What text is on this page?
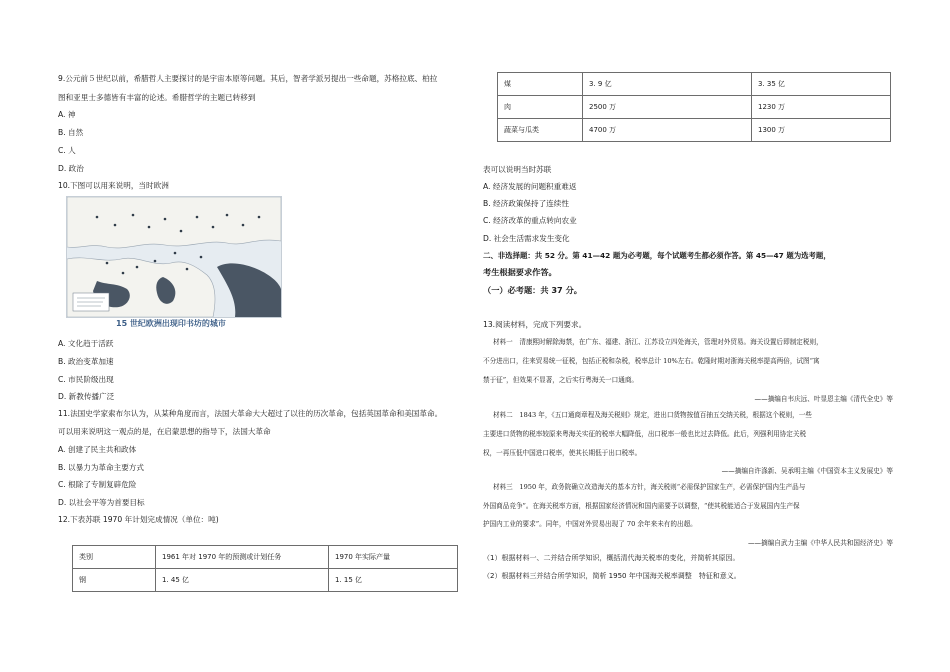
9.公元前５世纪以前，希腊哲人主要探讨的是宇宙本原等问题。其后，智者学派另提出一些命题，苏格拉底、柏拉
图和亚里士多德皆有丰富的论述。希腊哲学的主题已转移到
A. 神
B. 自然
C. 人
D. 政治
10.下图可以用来说明，当时欧洲
15 世纪欧洲出现印书坊的城市
A. 文化趋于活跃
B. 政治变革加速
C. 市民阶级出现
D. 新教传播广泛
11.法国史学家索布尔认为，从某种角度而言，法国大革命大大超过了以往的历次革命，包括英国革命和美国革命。
可以用来说明这一观点的是，在启蒙思想的指导下，法国大革命
A. 创建了民主共和政体
B. 以暴力为革命主要方式
C. 根除了专制复辟危险
D. 以社会平等为首要目标
12.下表苏联 1970 年计划完成情况（单位：吨)
类别	1961 年对 1970 年的预测或计划任务	1970 年实际产量
钢	1. 45 亿	1. 15 亿
煤	3. 9 亿	3. 35 亿
肉	2500 万	1230 万
蔬菜与瓜类	4700 万	1300 万
表可以说明当时苏联
A. 经济发展的问题积重难返
B. 经济政策保持了连续性
C. 经济改革的重点转向农业
D. 社会生活需求发生变化
二、非选择题：共 52 分。第 41—42 题为必考题，每个试题考生都必须作答。第 45—47 题为选考题，
考生根据要求作答。
（一）必考题：共 37 分。
13.阅读材料，完成下列要求。
材料一　清康熙时解除海禁，在广东、福建、浙江、江苏设立四处海关，管理对外贸易。海关设置后即制定税则，
不分进出口，往来贸易统一征税，包括正税和杂税，税率总计 10%左右。乾隆时期对浙海关税率提高两倍，试图“寓
禁于征”，但效果不显著，之后实行粤海关一口通商。
——摘编自韦庆远、叶显恩主编《清代全史》等
材料二　1843 年，《五口通商章程及海关税则》规定，进出口货物按值百抽五交纳关税，根据这个税则，一些
主要进口货物的税率较原来粤海关实征的税率大幅降低，出口税率一般也比过去降低。此后，列强利用协定关税
权，一再压低中国进口税率，使其长期低于出口税率。
——摘编自许涤新、吴承明主编《中国资本主义发展史》等
材料三　1950 年，政务院确立改造海关的基本方针，海关税则“必需保护国家生产，必需保护国内生产品与
外国商品竞争”。在海关税率方面，根据国家经济情况和国内需要予以调整，“使其税能适合于发展国内生产保
护国内工业的要求”。同年，中国对外贸易出现了 70 余年来未有的出超。
——摘编自武力主编《中华人民共和国经济史》等
（1）根据材料一、二并结合所学知识，概括清代海关税率的变化，并简析其原因。
（2）根据材料三并结合所学知识，简析 1950 年中国海关税率调整　特征和意义。
